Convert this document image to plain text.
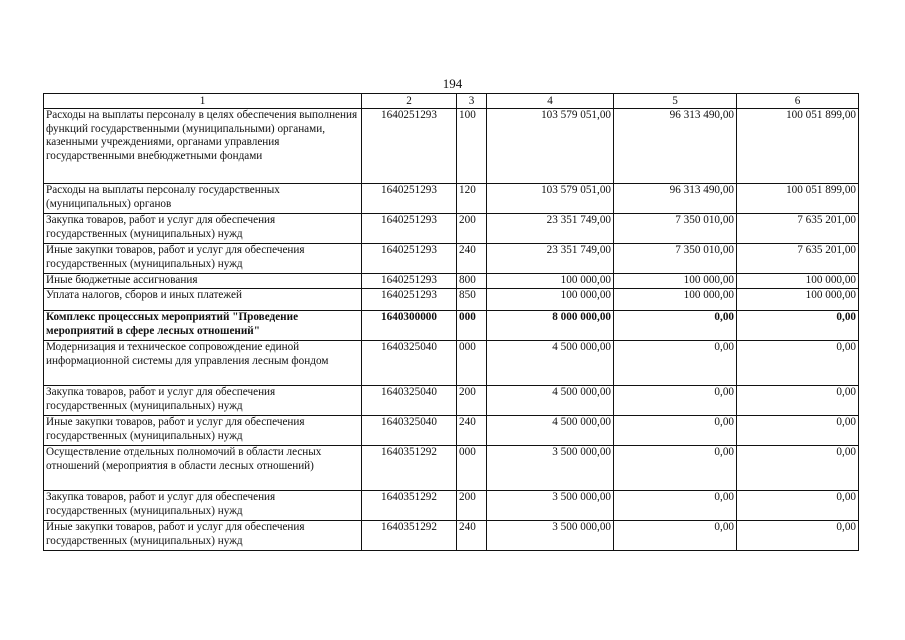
194
1	2	3	4	5	6
Расходы на выплаты персоналу в целях обеспечения выполнения функций государственными (муниципальными) органами, казенными учреждениями, органами управления государственными внебюджетными фондами	1640251293	100	103 579 051,00	96 313 490,00	100 051 899,00
Расходы на выплаты персоналу государственных (муниципальных) органов	1640251293	120	103 579 051,00	96 313 490,00	100 051 899,00
Закупка товаров, работ и услуг для обеспечения государственных (муниципальных) нужд	1640251293	200	23 351 749,00	7 350 010,00	7 635 201,00
Иные закупки товаров, работ и услуг для обеспечения государственных (муниципальных) нужд	1640251293	240	23 351 749,00	7 350 010,00	7 635 201,00
Иные бюджетные ассигнования	1640251293	800	100 000,00	100 000,00	100 000,00
Уплата налогов, сборов и иных платежей	1640251293	850	100 000,00	100 000,00	100 000,00
Комплекс процессных мероприятий "Проведение мероприятий в сфере лесных отношений"	1640300000	000	8 000 000,00	0,00	0,00
Модернизация и техническое сопровождение единой информационной системы для управления лесным фондом	1640325040	000	4 500 000,00	0,00	0,00
Закупка товаров, работ и услуг для обеспечения государственных (муниципальных) нужд	1640325040	200	4 500 000,00	0,00	0,00
Иные закупки товаров, работ и услуг для обеспечения государственных (муниципальных) нужд	1640325040	240	4 500 000,00	0,00	0,00
Осуществление отдельных полномочий в области лесных отношений (мероприятия в области лесных отношений)	1640351292	000	3 500 000,00	0,00	0,00
Закупка товаров, работ и услуг для обеспечения государственных (муниципальных) нужд	1640351292	200	3 500 000,00	0,00	0,00
Иные закупки товаров, работ и услуг для обеспечения государственных (муниципальных) нужд	1640351292	240	3 500 000,00	0,00	0,00
